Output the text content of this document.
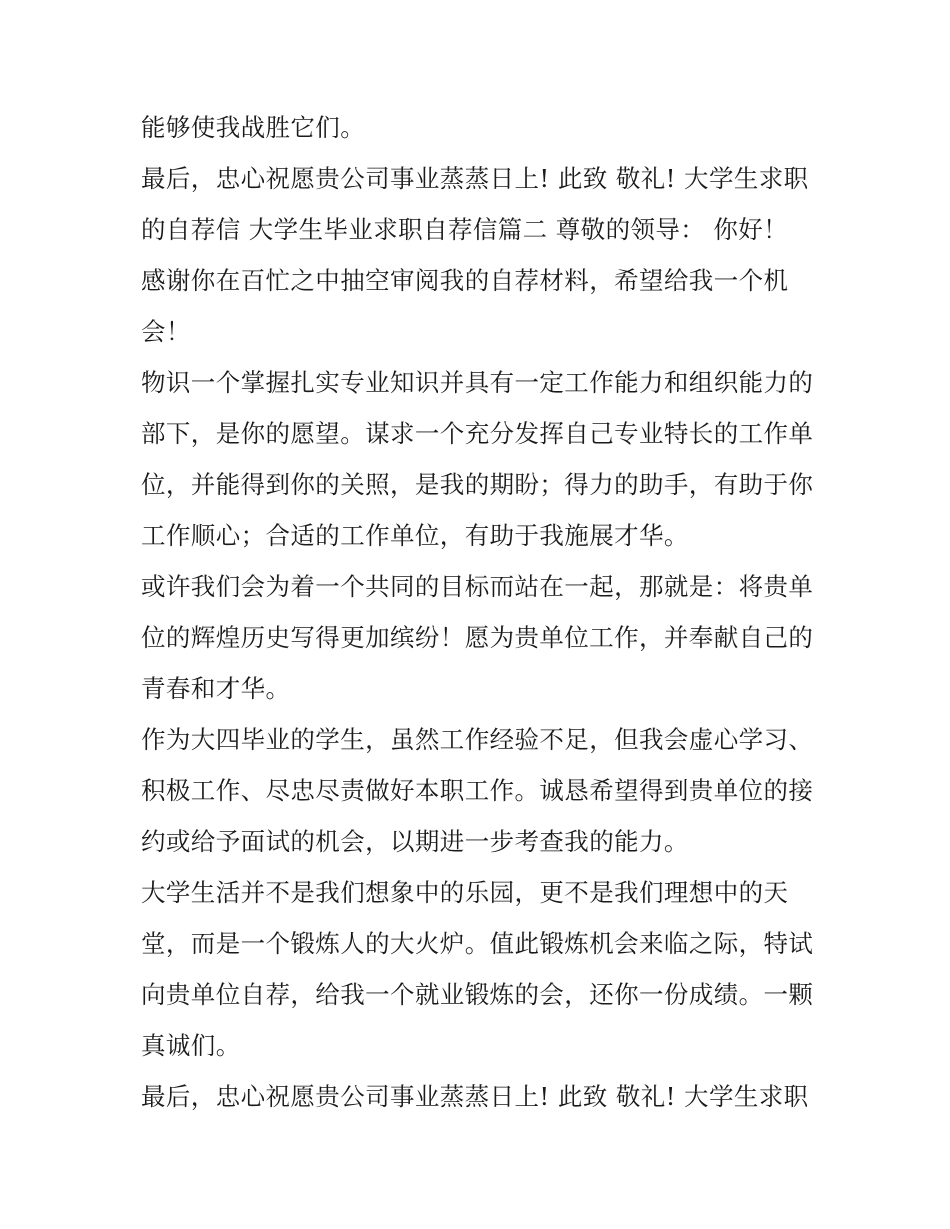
能够使我战胜它们。
最后，忠心祝愿贵公司事业蒸蒸日上! 此致 敬礼! 大学生求职
的自荐信 大学生毕业求职自荐信篇二 尊敬的领导： 你好！
感谢你在百忙之中抽空审阅我的自荐材料，希望给我一个机
会！
物识一个掌握扎实专业知识并具有一定工作能力和组织能力的
部下，是你的愿望。谋求一个充分发挥自己专业特长的工作单
位，并能得到你的关照，是我的期盼；得力的助手，有助于你
工作顺心；合适的工作单位，有助于我施展才华。
或许我们会为着一个共同的目标而站在一起，那就是：将贵单
位的辉煌历史写得更加缤纷！愿为贵单位工作，并奉献自己的
青春和才华。
作为大四毕业的学生，虽然工作经验不足，但我会虚心学习、
积极工作、尽忠尽责做好本职工作。诚恳希望得到贵单位的接
约或给予面试的机会，以期进一步考查我的能力。
大学生活并不是我们想象中的乐园，更不是我们理想中的天
堂，而是一个锻炼人的大火炉。值此锻炼机会来临之际，特试
向贵单位自荐，给我一个就业锻炼的会，还你一份成绩。一颗
真诚们。
最后，忠心祝愿贵公司事业蒸蒸日上! 此致 敬礼! 大学生求职
